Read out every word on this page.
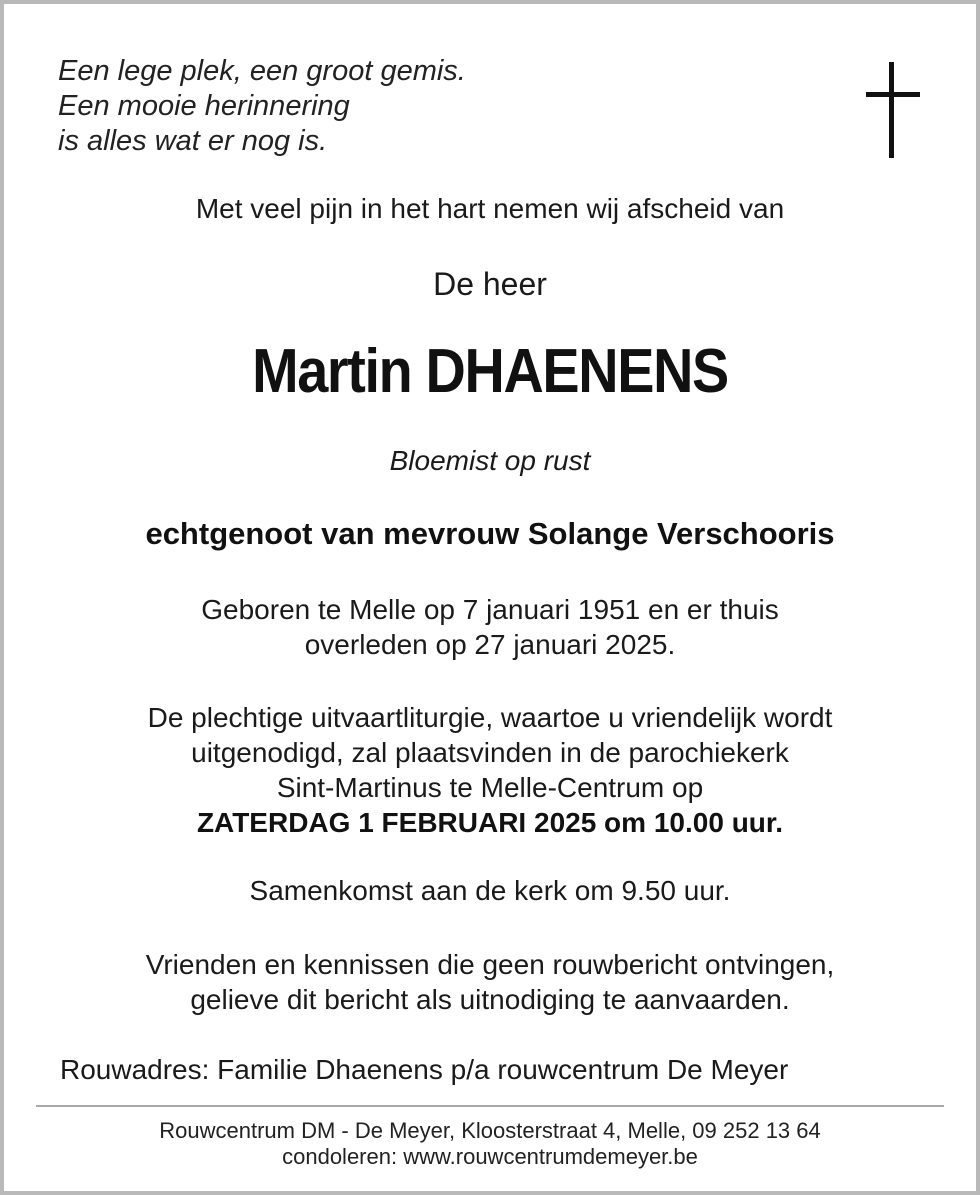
Een lege plek, een groot gemis.
Een mooie herinnering
is alles wat er nog is.
Met veel pijn in het hart nemen wij afscheid van
De heer
Martin DHAENENS
Bloemist op rust
echtgenoot van mevrouw Solange Verschooris
Geboren te Melle op 7 januari 1951 en er thuis
overleden op 27 januari 2025.
De plechtige uitvaartliturgie, waartoe u vriendelijk wordt
uitgenodigd, zal plaatsvinden in de parochiekerk
Sint-Martinus te Melle-Centrum op
ZATERDAG 1 FEBRUARI 2025 om 10.00 uur.
Samenkomst aan de kerk om 9.50 uur.
Vrienden en kennissen die geen rouwbericht ontvingen,
gelieve dit bericht als uitnodiging te aanvaarden.
Rouwadres: Familie Dhaenens p/a rouwcentrum De Meyer
Rouwcentrum DM - De Meyer, Kloosterstraat 4, Melle, 09 252 13 64
condoleren: www.rouwcentrumdemeyer.be
